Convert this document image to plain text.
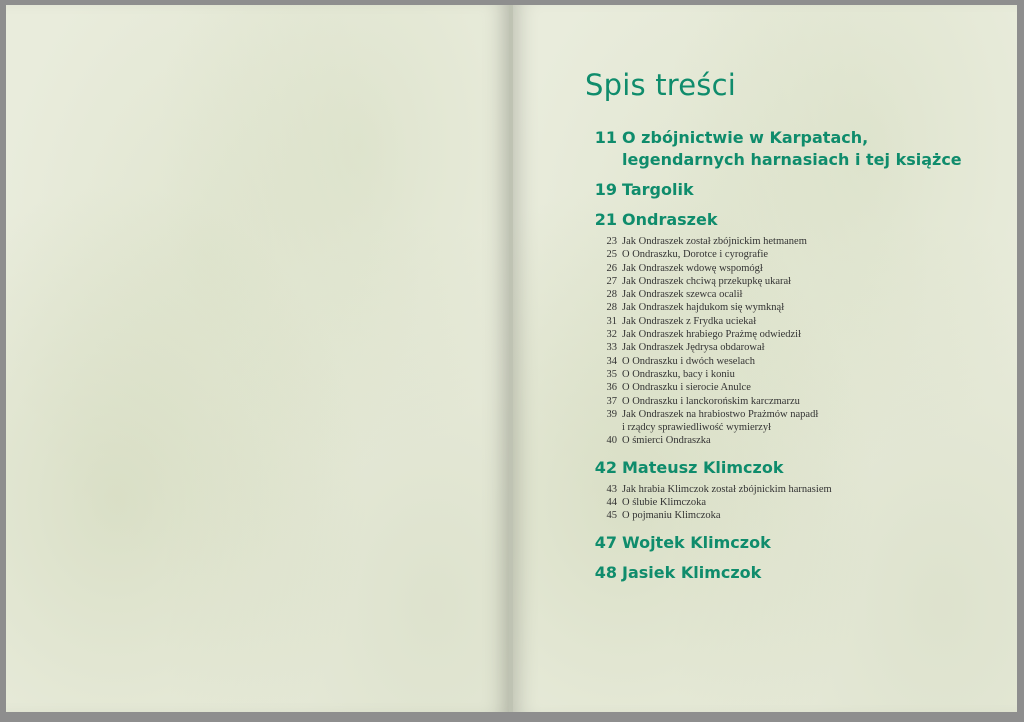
Spis treści
11 O zbójnictwie w Karpatach,
legendarnych harnasiach i tej książce
19 Targolik
21 Ondraszek
23 Jak Ondraszek został zbójnickim hetmanem
25 O Ondraszku, Dorotce i cyrografie
26 Jak Ondraszek wdowę wspomógł
27 Jak Ondraszek chciwą przekupkę ukarał
28 Jak Ondraszek szewca ocalił
28 Jak Ondraszek hajdukom się wymknął
31 Jak Ondraszek z Frydka uciekał
32 Jak Ondraszek hrabiego Prażmę odwiedził
33 Jak Ondraszek Jędrysa obdarował
34 O Ondraszku i dwóch weselach
35 O Ondraszku, bacy i koniu
36 O Ondraszku i sierocie Anulce
37 O Ondraszku i lanckorońskim karczmarzu
39 Jak Ondraszek na hrabiostwo Prażmów napadł
i rządcy sprawiedliwość wymierzył
40 O śmierci Ondraszka
42 Mateusz Klimczok
43 Jak hrabia Klimczok został zbójnickim harnasiem
44 O ślubie Klimczoka
45 O pojmaniu Klimczoka
47 Wojtek Klimczok
48 Jasiek Klimczok
